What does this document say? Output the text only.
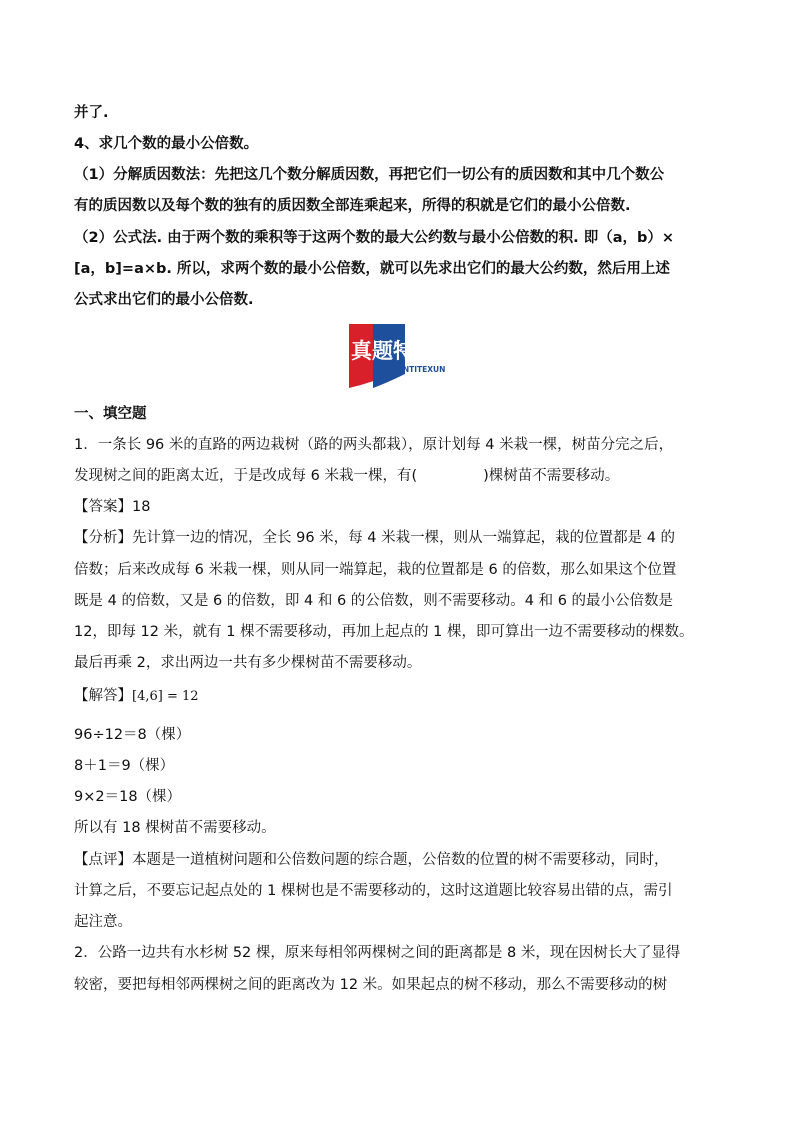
并了.
4、求几个数的最小公倍数。
（1）分解质因数法：先把这几个数分解质因数，再把它们一切公有的质因数和其中几个数公
有的质因数以及每个数的独有的质因数全部连乘起来，所得的积就是它们的最小公倍数.
（2）公式法. 由于两个数的乘积等于这两个数的最大公约数与最小公倍数的积. 即（a，b）×
[a，b]=a×b. 所以，求两个数的最小公倍数，就可以先求出它们的最大公约数，然后用上述
公式求出它们的最小公倍数.
真题特训
ZHENTITEXUN
一、填空题
1．一条长 96 米的直路的两边栽树（路的两头都栽），原计划每 4 米栽一棵，树苗分完之后，
发现树之间的距离太近，于是改成每 6 米栽一棵，有(	)棵树苗不需要移动。
【答案】18
【分析】先计算一边的情况，全长 96 米，每 4 米栽一棵，则从一端算起，栽的位置都是 4 的
倍数；后来改成每 6 米栽一棵，则从同一端算起，栽的位置都是 6 的倍数，那么如果这个位置
既是 4 的倍数，又是 6 的倍数，即 4 和 6 的公倍数，则不需要移动。4 和 6 的最小公倍数是
12，即每 12 米，就有 1 棵不需要移动，再加上起点的 1 棵，即可算出一边不需要移动的棵数。
最后再乘 2，求出两边一共有多少棵树苗不需要移动。
【解答】[4,6] = 12
96÷12＝8（棵）
8＋1＝9（棵）
9×2＝18（棵）
所以有 18 棵树苗不需要移动。
【点评】本题是一道植树问题和公倍数问题的综合题，公倍数的位置的树不需要移动，同时，
计算之后，不要忘记起点处的 1 棵树也是不需要移动的，这时这道题比较容易出错的点，需引
起注意。
2．公路一边共有水杉树 52 棵，原来每相邻两棵树之间的距离都是 8 米，现在因树长大了显得
较密，要把每相邻两棵树之间的距离改为 12 米。如果起点的树不移动，那么不需要移动的树
